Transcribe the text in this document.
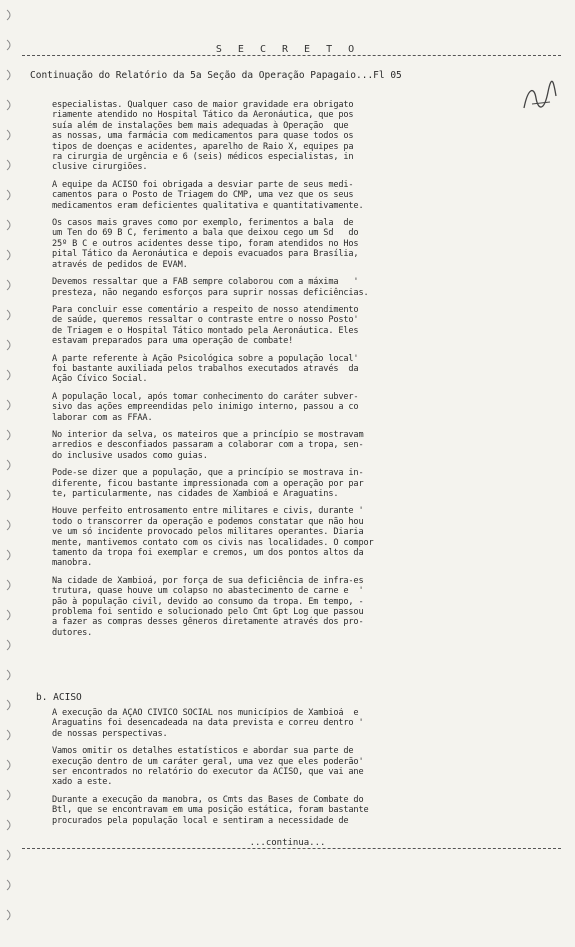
S E C R E T O
Continuação do Relatório da 5a Seção da Operação Papagaio...Fl 05

especialistas. Qualquer caso de maior gravidade era obrigato
riamente atendido no Hospital Tático da Aeronáutica, que pos
suía além de instalações bem mais adequadas à Operação  que
as nossas, uma farmácia com medicamentos para quase todos os
tipos de doenças e acidentes, aparelho de Raio X, equipes pa
ra cirurgia de urgência e 6 (seis) médicos especialistas, in
clusive cirurgiões.

A equipe da ACISO foi obrigada a desviar parte de seus medi-
camentos para o Posto de Triagem do CMP, uma vez que os seus
medicamentos eram deficientes qualitativa e quantitativamente.

Os casos mais graves como por exemplo, ferimentos a bala  de
um Ten do 69 B C, ferimento a bala que deixou cego um Sd   do
25º B C e outros acidentes desse tipo, foram atendidos no Hos
pital Tático da Aeronáutica e depois evacuados para Brasília,
através de pedidos de EVAM.

Devemos ressaltar que a FAB sempre colaborou com a máxima   '
presteza, não negando esforços para suprir nossas deficiências.

Para concluir esse comentário a respeito de nosso atendimento
de saúde, queremos ressaltar o contraste entre o nosso Posto'
de Triagem e o Hospital Tático montado pela Aeronáutica. Eles
estavam preparados para uma operação de combate!

A parte referente à Ação Psicológica sobre a população local'
foi bastante auxiliada pelos trabalhos executados através  da
Ação Cívico Social.

A população local, após tomar conhecimento do caráter subver-
sivo das ações empreendidas pelo inimigo interno, passou a co
laborar com as FFAA.

No interior da selva, os mateiros que a princípio se mostravam
arredios e desconfiados passaram a colaborar com a tropa, sen-
do inclusive usados como guias.

Pode-se dizer que a população, que a princípio se mostrava in-
diferente, ficou bastante impressionada com a operação por par
te, particularmente, nas cidades de Xambioá e Araguatins.

Houve perfeito entrosamento entre militares e civis, durante '
todo o transcorrer da operação e podemos constatar que não hou
ve um só incidente provocado pelos militares operantes. Diaria
mente, mantivemos contato com os civis nas localidades. O compor
tamento da tropa foi exemplar e cremos, um dos pontos altos da
manobra.

Na cidade de Xambioá, por força de sua deficiência de infra-es
trutura, quase houve um colapso no abastecimento de carne e  '
pão à população civil, devido ao consumo da tropa. Em tempo, -
problema foi sentido e solucionado pelo Cmt Gpt Log que passou
a fazer as compras desses gêneros diretamente através dos pro-
dutores.

b. ACISO

A execução da AÇÃO CÍVICO SOCIAL nos municípios de Xambioá  e
Araguatins foi desencadeada na data prevista e correu dentro '
de nossas perspectivas.

Vamos omitir os detalhes estatísticos e abordar sua parte de
execução dentro de um caráter geral, uma vez que eles poderão'
ser encontrados no relatório do executor da ACISO, que vai ane
xado a este.

Durante a execução da manobra, os Cmts das Bases de Combate do
Btl, que se encontravam em uma posição estática, foram bastante
procurados pela população local e sentiram a necessidade de

...continua...
